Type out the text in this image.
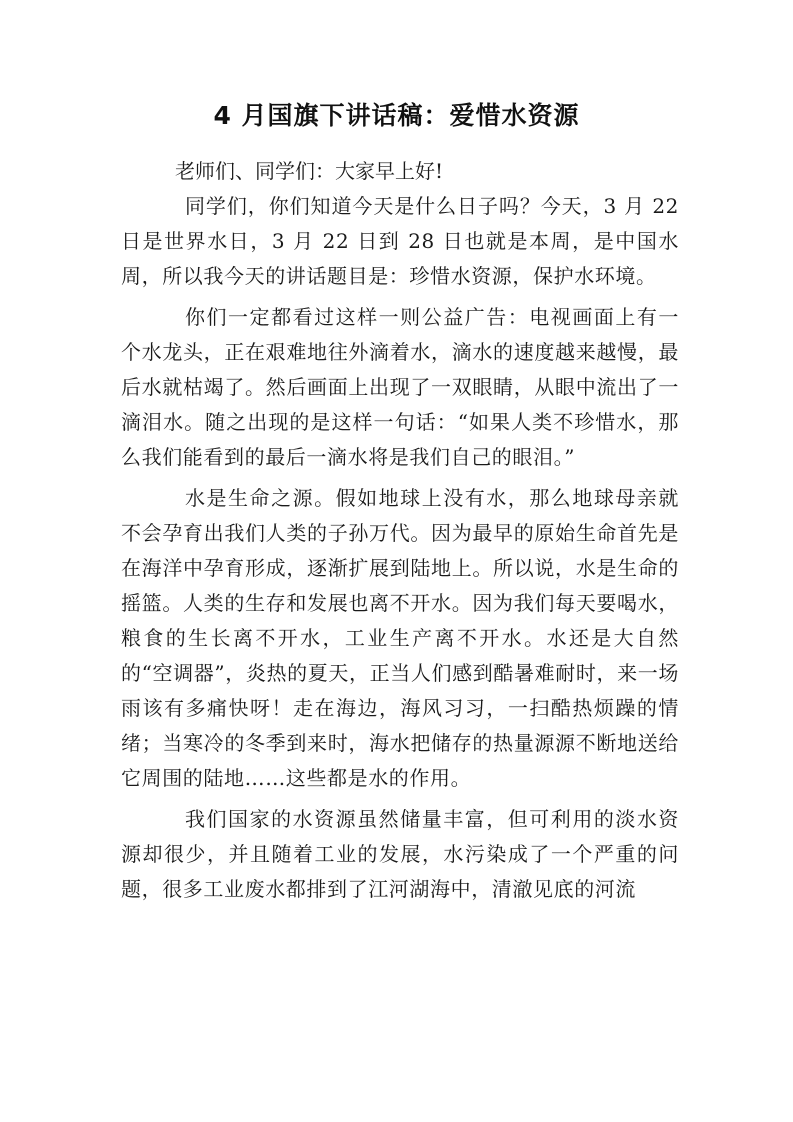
4 月国旗下讲话稿：爱惜水资源

老师们、同学们：大家早上好!

同学们，你们知道今天是什么日子吗？今天，3 月 22 日是世界水日，3 月 22 日到 28 日也就是本周，是中国水周，所以我今天的讲话题目是：珍惜水资源，保护水环境。

你们一定都看过这样一则公益广告：电视画面上有一个水龙头，正在艰难地往外滴着水，滴水的速度越来越慢，最后水就枯竭了。然后画面上出现了一双眼睛，从眼中流出了一滴泪水。随之出现的是这样一句话：“如果人类不珍惜水，那么我们能看到的最后一滴水将是我们自己的眼泪。”

水是生命之源。假如地球上没有水，那么地球母亲就不会孕育出我们人类的子孙万代。因为最早的原始生命首先是在海洋中孕育形成，逐渐扩展到陆地上。所以说，水是生命的摇篮。人类的生存和发展也离不开水。因为我们每天要喝水，粮食的生长离不开水，工业生产离不开水。水还是大自然的“空调器”，炎热的夏天，正当人们感到酷暑难耐时，来一场雨该有多痛快呀！走在海边，海风习习，一扫酷热烦躁的情绪；当寒冷的冬季到来时，海水把储存的热量源源不断地送给它周围的陆地……这些都是水的作用。

我们国家的水资源虽然储量丰富，但可利用的淡水资源却很少，并且随着工业的发展，水污染成了一个严重的问题，很多工业废水都排到了江河湖海中，清澈见底的河流
